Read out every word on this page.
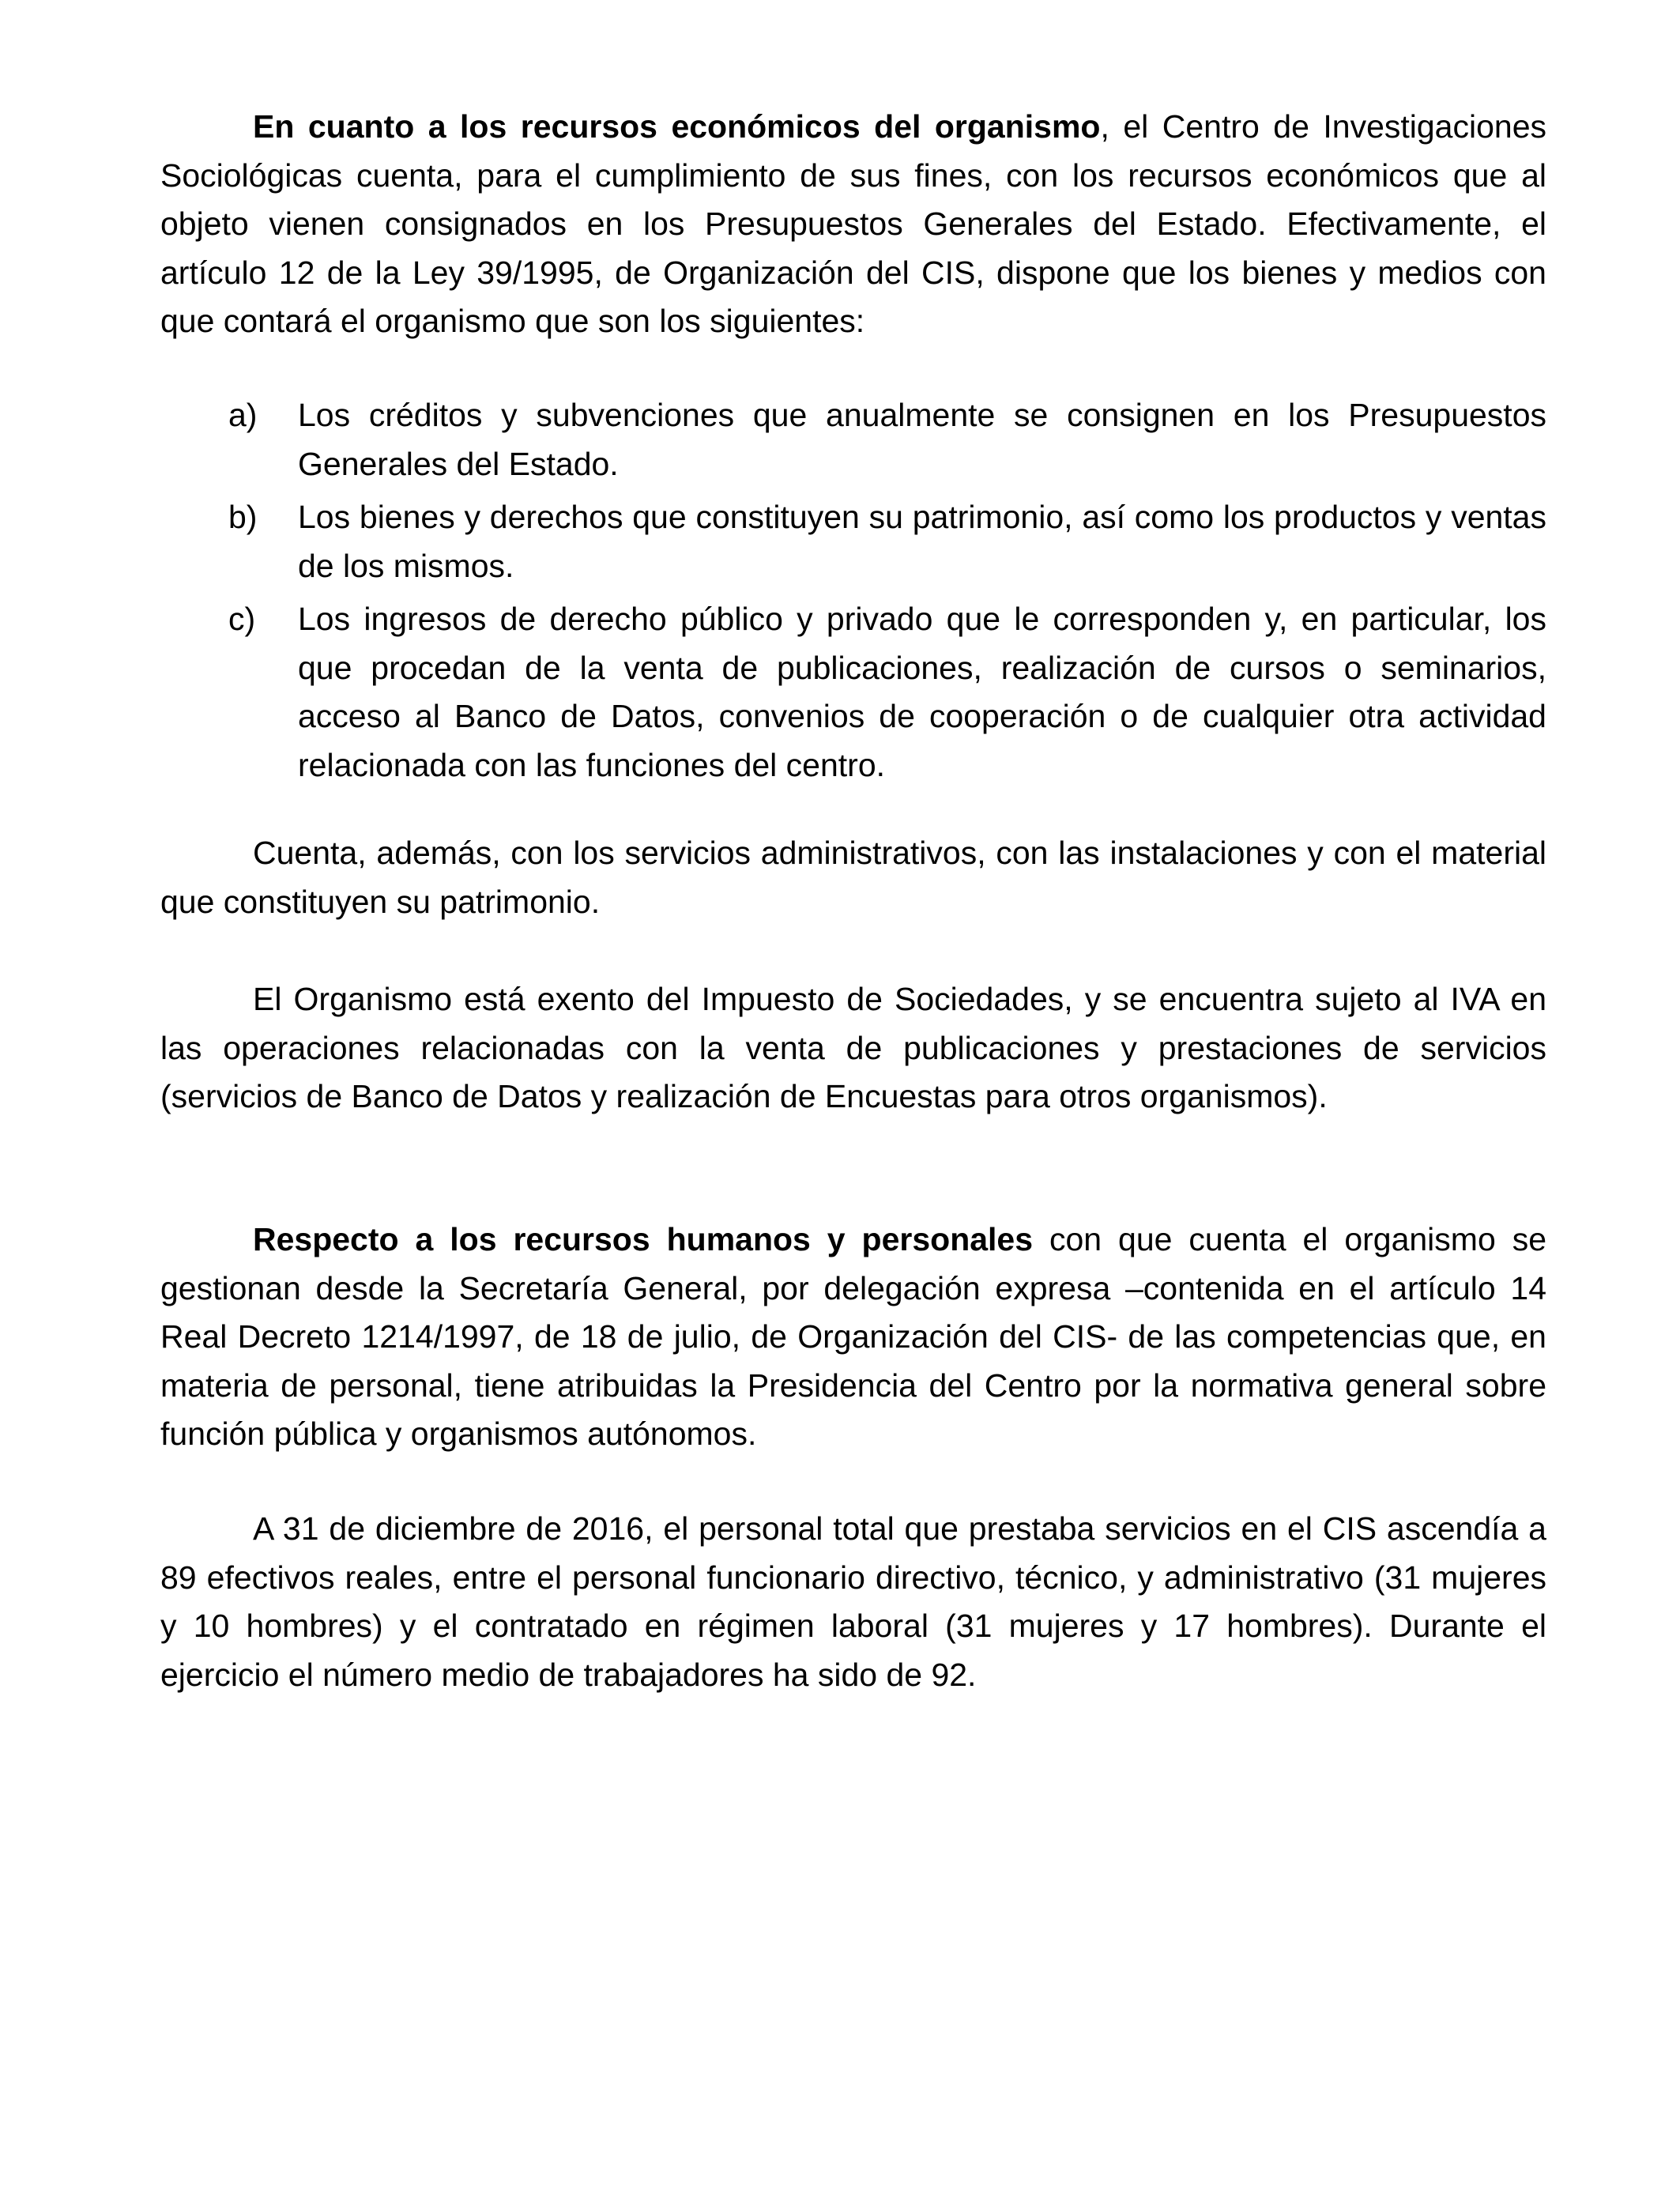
En cuanto a los recursos económicos del organismo, el Centro de Investigaciones Sociológicas cuenta, para el cumplimiento de sus fines, con los recursos económicos que al objeto vienen consignados en los Presupuestos Generales del Estado. Efectivamente, el artículo 12 de la Ley 39/1995, de Organización del CIS, dispone que los bienes y medios con que contará el organismo que son los siguientes:

a)	Los créditos y subvenciones que anualmente se consignen en los Presupuestos Generales del Estado.
b)	Los bienes y derechos que constituyen su patrimonio, así como los productos y ventas de los mismos.
c)	Los ingresos de derecho público y privado que le corresponden y, en particular, los que procedan de la venta de publicaciones, realización de cursos o seminarios, acceso al Banco de Datos, convenios de cooperación o de cualquier otra actividad relacionada con las funciones del centro.

Cuenta, además, con los servicios administrativos, con las instalaciones y con el material que constituyen su patrimonio.

El Organismo está exento del Impuesto de Sociedades, y se encuentra sujeto al IVA en las operaciones relacionadas con la venta de publicaciones y prestaciones de servicios (servicios de Banco de Datos y realización de Encuestas para otros organismos).

Respecto a los recursos humanos y personales con que cuenta el organismo se gestionan desde la Secretaría General, por delegación expresa –contenida en el artículo 14 Real Decreto 1214/1997, de 18 de julio, de Organización del CIS- de las competencias que, en materia de personal, tiene atribuidas la Presidencia del Centro por la normativa general sobre función pública y organismos autónomos.

A 31 de diciembre de 2016, el personal total que prestaba servicios en el CIS ascendía a 89 efectivos reales, entre el personal funcionario directivo, técnico, y administrativo (31 mujeres y 10 hombres) y el contratado en régimen laboral (31 mujeres y 17 hombres). Durante el ejercicio el número medio de trabajadores ha sido de 92.
